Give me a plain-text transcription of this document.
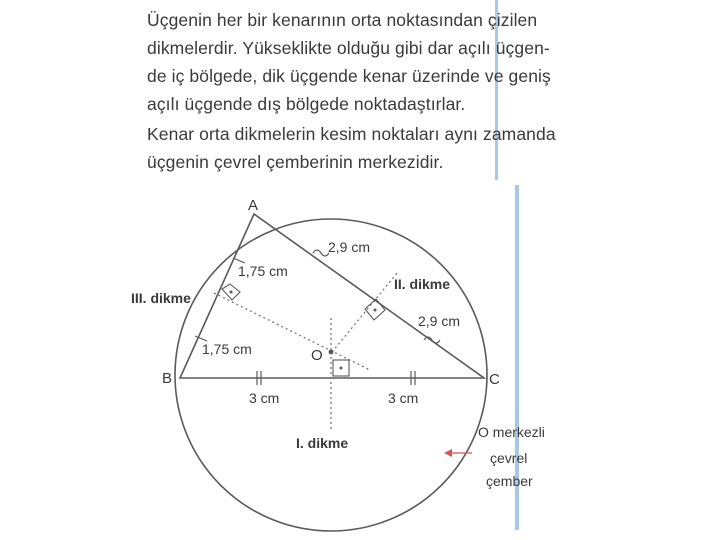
Üçgenin her bir kenarının orta noktasından çizilen
dikmelerdir. Yükseklikte olduğu gibi dar açılı üçgen-
de iç bölgede, dik üçgende kenar üzerinde ve geniş
açılı üçgende dış bölgede noktadaştırlar.
Kenar orta dikmelerin kesim noktaları aynı zamanda
üçgenin çevrel çemberinin merkezidir.
A
B	C
O
2,9 cm
2,9 cm
1,75 cm
1,75 cm
3 cm	3 cm
I. dikme
II. dikme
III. dikme
O merkezli
çevrel
çember
